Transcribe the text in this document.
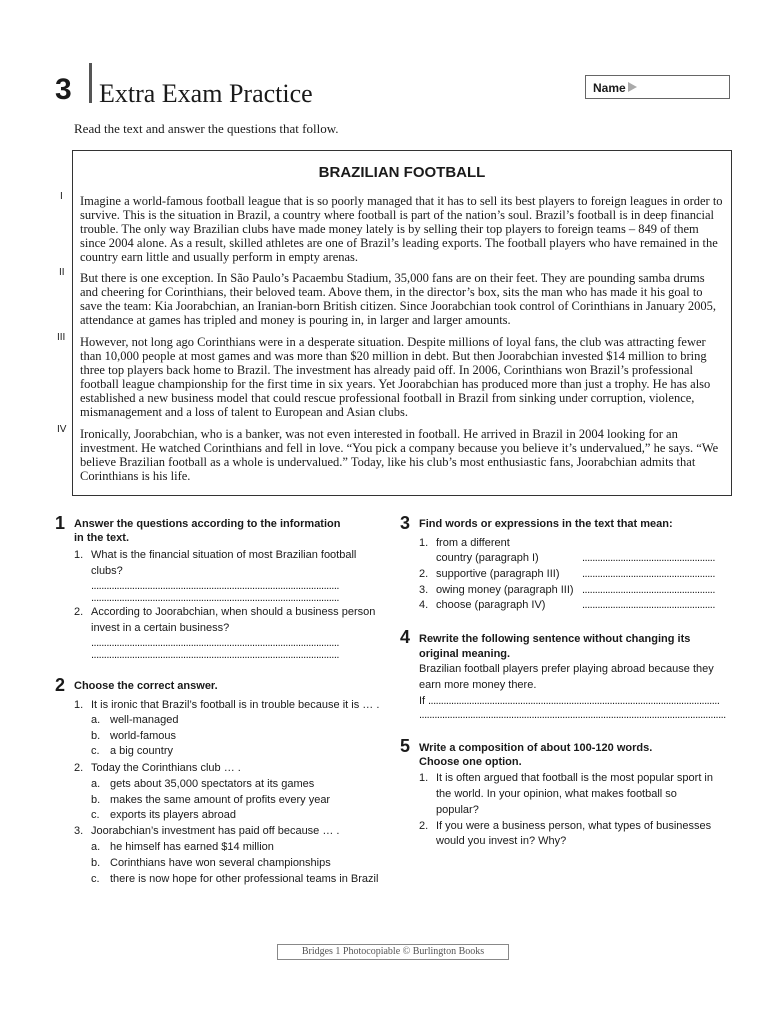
3 Extra Exam Practice	Name
Read the text and answer the questions that follow.
BRAZILIAN FOOTBALL

Imagine a world-famous football league that is so poorly managed that it has to sell its best players to foreign leagues in order to survive. This is the situation in Brazil, a country where football is part of the nation’s soul. Brazil’s football is in deep financial trouble. The only way Brazilian clubs have made money lately is by selling their top players to foreign teams – 849 of them since 2004 alone. As a result, skilled athletes are one of Brazil’s leading exports. The football players who have remained in the country earn little and usually perform in empty arenas.

But there is one exception. In São Paulo’s Pacaembu Stadium, 35,000 fans are on their feet. They are pounding samba drums and cheering for Corinthians, their beloved team. Above them, in the director’s box, sits the man who has made it his goal to save the team: Kia Joorabchian, an Iranian-born British citizen. Since Joorabchian took control of Corinthians in January 2005, attendance at games has tripled and money is pouring in, in larger and larger amounts.

However, not long ago Corinthians were in a desperate situation. Despite millions of loyal fans, the club was attracting fewer than 10,000 people at most games and was more than $20 million in debt. But then Joorabchian invested $14 million to bring three top players back home to Brazil. The investment has already paid off. In 2006, Corinthians won Brazil’s professional football league championship for the first time in six years. Yet Joorabchian has produced more than just a trophy. He has also established a new business model that could rescue professional football in Brazil from sinking under corruption, violence, mismanagement and a loss of talent to European and Asian clubs.

Ironically, Joorabchian, who is a banker, was not even interested in football. He arrived in Brazil in 2004 looking for an investment. He watched Corinthians and fell in love. “You pick a company because you believe it’s undervalued,” he says. “We believe Brazilian football as a whole is undervalued.” Today, like his club’s most enthusiastic fans, Joorabchian admits that Corinthians is his life.

I
II
III
IV
1 Answer the questions according to the information
in the text.
1. What is the financial situation of most Brazilian football
clubs?
.................................................................................................
.................................................................................................
2. According to Joorabchian, when should a business person
invest in a certain business?
.................................................................................................
.................................................................................................
2 Choose the correct answer.
1. It is ironic that Brazil’s football is in trouble because it is … .
a. well-managed
b. world-famous
c. a big country
2. Today the Corinthians club … .
a. gets about 35,000 spectators at its games
b. makes the same amount of profits every year
c. exports its players abroad
3. Joorabchian’s investment has paid off because … .
a. he himself has earned $14 million
b. Corinthians have won several championships
c. there is now hope for other professional teams in Brazil
3 Find words or expressions in the text that mean:
1. from a different
country (paragraph I)	....................................................
2. supportive (paragraph III) ....................................................
3. owing money (paragraph III) ....................................................
4. choose (paragraph IV)	....................................................
4 Rewrite the following sentence without changing its
original meaning.
Brazilian football players prefer playing abroad because they
earn more money there.
If ..................................................................................................................
........................................................................................................................
5 Write a composition of about 100-120 words.
Choose one option.
1. It is often argued that football is the most popular sport in
the world. In your opinion, what makes football so
popular?
2. If you were a business person, what types of businesses
would you invest in? Why?
Bridges 1 Photocopiable © Burlington Books
